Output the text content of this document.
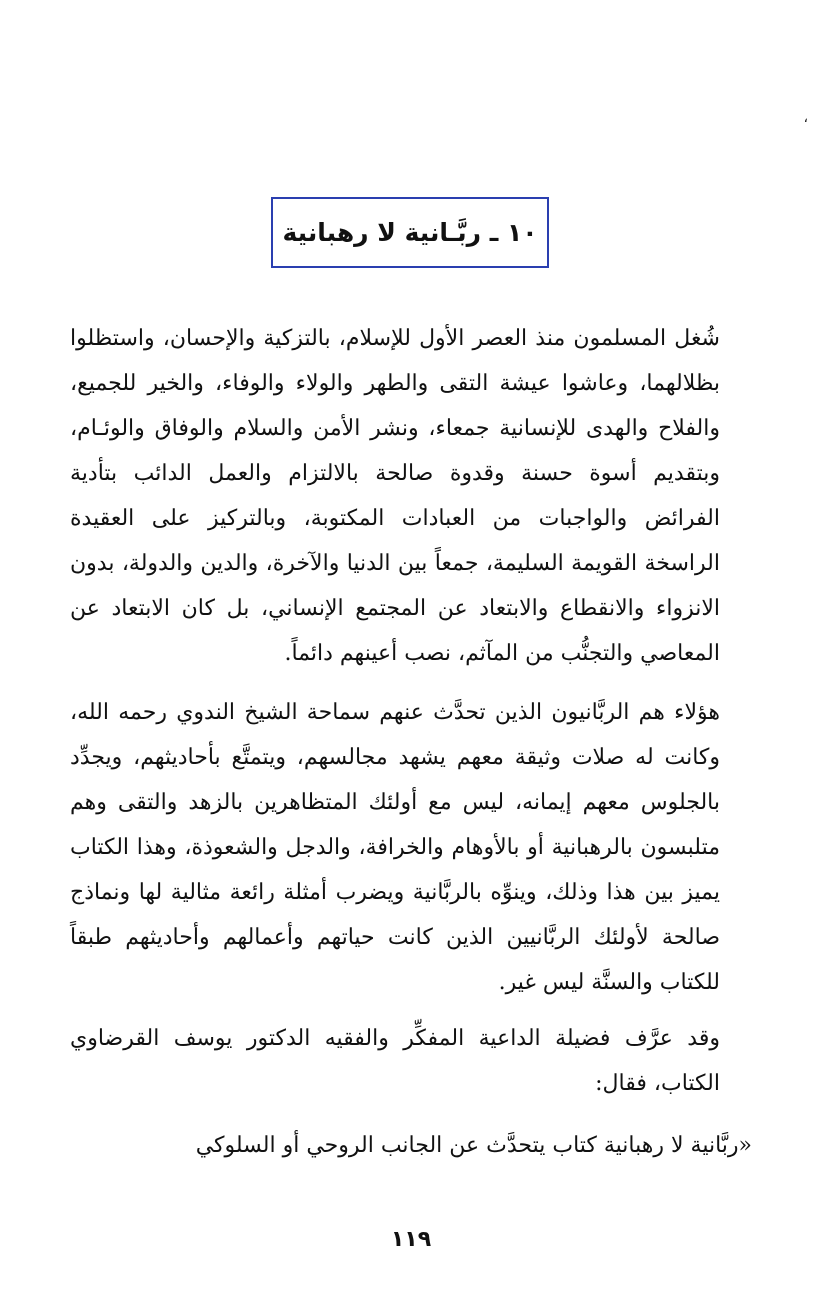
،
١٠ ـ ربَّـانية لا رهبانية

شُغل المسلمون منذ العصر الأول للإسلام، بالتزكية والإحسان، واستظلوا بظلالهما، وعاشوا عيشة التقى والطهر والولاء والوفاء، والخير للجميع، والفلاح والهدى للإنسانية جمعاء، ونشر الأمن والسلام والوفاق والوئـام، وبتقديم أسوة حسنة وقدوة صالحة بالالتزام والعمل الدائب بتأدية الفرائض والواجبات من العبادات المكتوبة، وبالتركيز على العقيدة الراسخة القويمة السليمة، جمعاً بين الدنيا والآخرة، والدين والدولة، بدون الانزواء والانقطاع والابتعاد عن المجتمع الإنساني، بل كان الابتعاد عن المعاصي والتجنُّب من المآثم، نصب أعينهم دائماً.

هؤلاء هم الربَّانيون الذين تحدَّث عنهم سماحة الشيخ الندوي رحمه الله، وكانت له صلات وثيقة معهم يشهد مجالسهم، ويتمتَّع بأحاديثهم، ويجدِّد بالجلوس معهم إيمانه، ليس مع أولئك المتظاهرين بالزهد والتقى وهم متلبسون بالرهبانية أو بالأوهام والخرافة، والدجل والشعوذة، وهذا الكتاب يميز بين هذا وذلك، وينوِّه بالربَّانية ويضرب أمثلة رائعة مثالية لها ونماذج صالحة لأولئك الربَّانيين الذين كانت حياتهم وأعمالهم وأحاديثهم طبقاً للكتاب والسنَّة ليس غير.

وقد عرَّف فضيلة الداعية المفكِّر والفقيه الدكتور يوسف القرضاوي الكتاب، فقال:

«ربَّانية لا رهبانية كتاب يتحدَّث عن الجانب الروحي أو السلوكي

١١٩
